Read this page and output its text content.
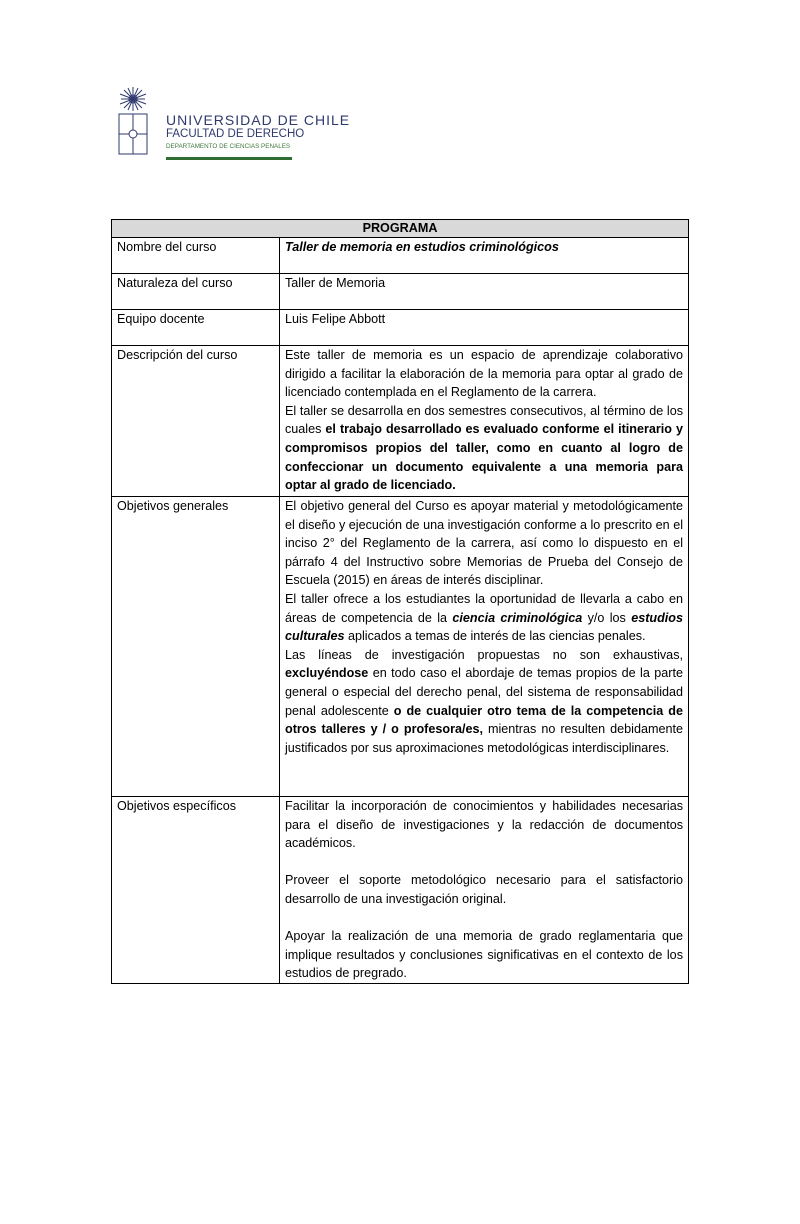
UNIVERSIDAD DE CHILE
FACULTAD DE DERECHO
DEPARTAMENTO DE CIENCIAS PENALES
PROGRAMA	
Nombre del curso	Taller de memoria en estudios criminológicos

Naturaleza del curso	Taller de Memoria

Equipo docente	Luis Felipe Abbott

Descripción del curso	Este taller de memoria es un espacio de aprendizaje colaborativo dirigido a facilitar la elaboración de la memoria para optar al grado de licenciado contemplada en el Reglamento de la carrera.

El taller se desarrolla en dos semestres consecutivos, al término de los cuales el trabajo desarrollado es evaluado conforme el itinerario y compromisos propios del taller, como en cuanto al logro de confeccionar un documento equivalente a una memoria para optar al grado de licenciado.

Objetivos generales	El objetivo general del Curso es apoyar material y metodológicamente el diseño y ejecución de una investigación conforme a lo prescrito en el inciso 2° del Reglamento de la carrera, así como lo dispuesto en el párrafo 4 del Instructivo sobre Memorias de Prueba del Consejo de Escuela (2015) en áreas de interés disciplinar.

El taller ofrece a los estudiantes la oportunidad de llevarla a cabo en áreas de competencia de la ciencia criminológica y/o los estudios culturales aplicados a temas de interés de las ciencias penales.

Las líneas de investigación propuestas no son exhaustivas, excluyéndose en todo caso el abordaje de temas propios de la parte general o especial del derecho penal, del sistema de responsabilidad penal adolescente o de cualquier otro tema de la competencia de otros talleres y / o profesora/es, mientras no resulten debidamente justificados por sus aproximaciones metodológicas interdisciplinares.

Objetivos específicos	Facilitar la incorporación de conocimientos y habilidades necesarias para el diseño de investigaciones y la redacción de documentos académicos.

Proveer el soporte metodológico necesario para el satisfactorio desarrollo de una investigación original.

Apoyar la realización de una memoria de grado reglamentaria que implique resultados y conclusiones significativas en el contexto de los estudios de pregrado.
